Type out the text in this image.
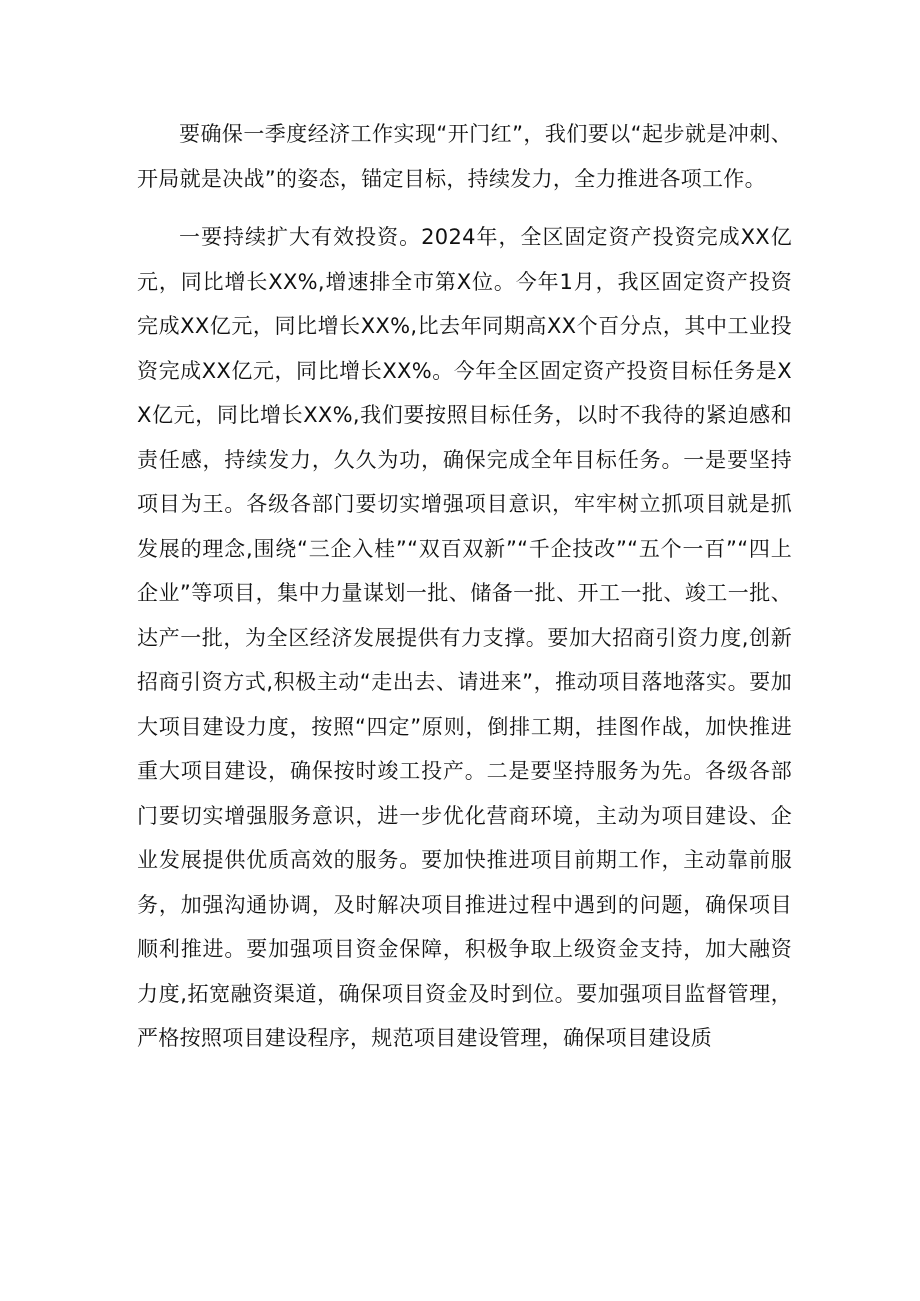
要确保一季度经济工作实现“开门红”，我们要以“起步就是冲刺、开局就是决战”的姿态，锚定目标，持续发力，全力推进各项工作。

一要持续扩大有效投资。2024年，全区固定资产投资完成XX亿元，同比增长XX%,增速排全市第X位。今年1月，我区固定资产投资完成XX亿元，同比增长XX%,比去年同期高XX个百分点，其中工业投资完成XX亿元，同比增长XX%。今年全区固定资产投资目标任务是XX亿元，同比增长XX%,我们要按照目标任务，以时不我待的紧迫感和责任感，持续发力，久久为功，确保完成全年目标任务。一是要坚持项目为王。各级各部门要切实增强项目意识，牢牢树立抓项目就是抓发展的理念,围绕“三企入桂”“双百双新”“千企技改”“五个一百”“四上企业”等项目，集中力量谋划一批、储备一批、开工一批、竣工一批、达产一批，为全区经济发展提供有力支撑。要加大招商引资力度,创新招商引资方式,积极主动“走出去、请进来”，推动项目落地落实。要加大项目建设力度，按照“四定”原则，倒排工期，挂图作战，加快推进重大项目建设，确保按时竣工投产。二是要坚持服务为先。各级各部门要切实增强服务意识，进一步优化营商环境，主动为项目建设、企业发展提供优质高效的服务。要加快推进项目前期工作，主动靠前服务，加强沟通协调，及时解决项目推进过程中遇到的问题，确保项目顺利推进。要加强项目资金保障，积极争取上级资金支持，加大融资力度,拓宽融资渠道，确保项目资金及时到位。要加强项目监督管理，严格按照项目建设程序，规范项目建设管理，确保项目建设质
